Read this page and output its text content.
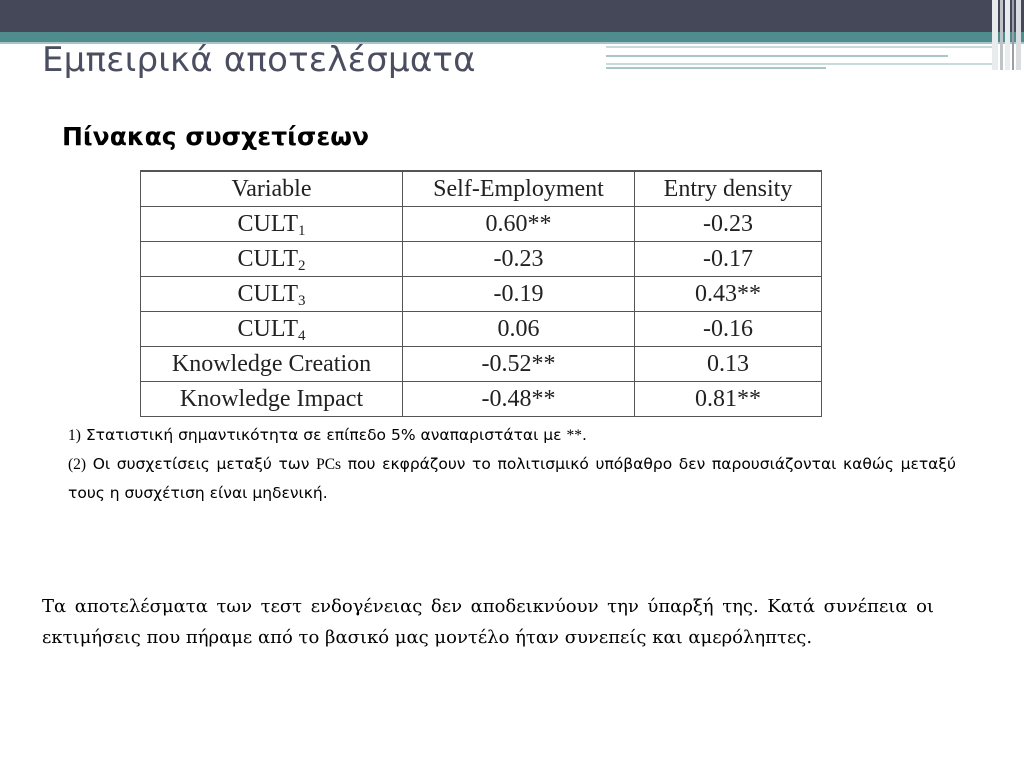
Εμπειρικά αποτελέσματα
Πίνακας συσχετίσεων
Variable	Self-Employment	Entry density
$CULT_1$	0.60**	-0.23
$CULT_2$	-0.23	-0.17
$CULT_3$	-0.19	0.43**
$CULT_4$	0.06	-0.16
Knowledge Creation	-0.52**	0.13
Knowledge Impact	-0.48**	0.81**

1) Στατιστική σημαντικότητα σε επίπεδο 5% αναπαριστάται με **.

(2) Οι συσχετίσεις μεταξύ των PCs που εκφράζουν το πολιτισμικό υπόβαθρο δεν παρουσιάζονται καθώς μεταξύ τους η συσχέτιση είναι μηδενική.

Τα αποτελέσματα των τεστ ενδογένειας δεν αποδεικνύουν την ύπαρξή της. Κατά συνέπεια οι εκτιμήσεις που πήραμε από το βασικό μας μοντέλο ήταν συνεπείς και αμερόληπτες.
